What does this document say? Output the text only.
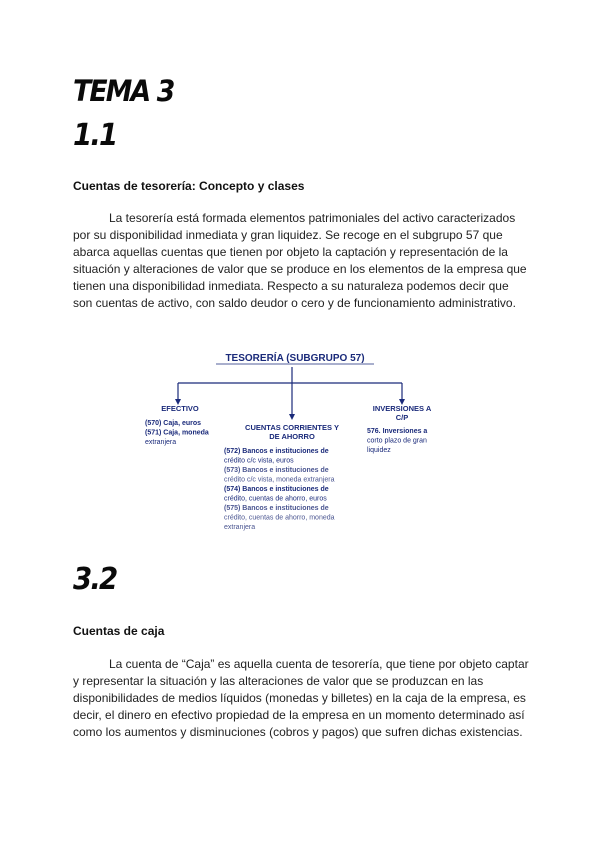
TEMA 3
1.1

Cuentas de tesorería: Concepto y clases

La tesorería está formada elementos patrimoniales del activo caracterizados por su disponibilidad inmediata y gran liquidez. Se recoge en el subgrupo 57 que abarca aquellas cuentas que tienen por objeto la captación y representación de la situación y alteraciones de valor que se produce en los elementos de la empresa que tienen una disponibilidad inmediata. Respecto a su naturaleza podemos decir que son cuentas de activo, con saldo deudor o cero y de funcionamiento administrativo.

TESORERÍA (SUBGRUPO 57)
EFECTIVO
(570) Caja, euros
(571) Caja, moneda
extranjera
CUENTAS CORRIENTES Y
DE AHORRO
(572) Bancos e instituciones de
crédito c/c vista, euros
(573) Bancos e instituciones de
crédito c/c vista, moneda extranjera
(574) Bancos e instituciones de
crédito, cuentas de ahorro, euros
(575) Bancos e instituciones de
crédito, cuentas de ahorro, moneda
extranjera
INVERSIONES A
C/P
576. Inversiones a
corto plazo de gran
liquidez
3.2

Cuentas de caja

La cuenta de “Caja” es aquella cuenta de tesorería, que tiene por objeto captar y representar la situación y las alteraciones de valor que se produzcan en las disponibilidades de medios líquidos (monedas y billetes) en la caja de la empresa, es decir, el dinero en efectivo propiedad de la empresa en un momento determinado así como los aumentos y disminuciones (cobros y pagos) que sufren dichas existencias.
